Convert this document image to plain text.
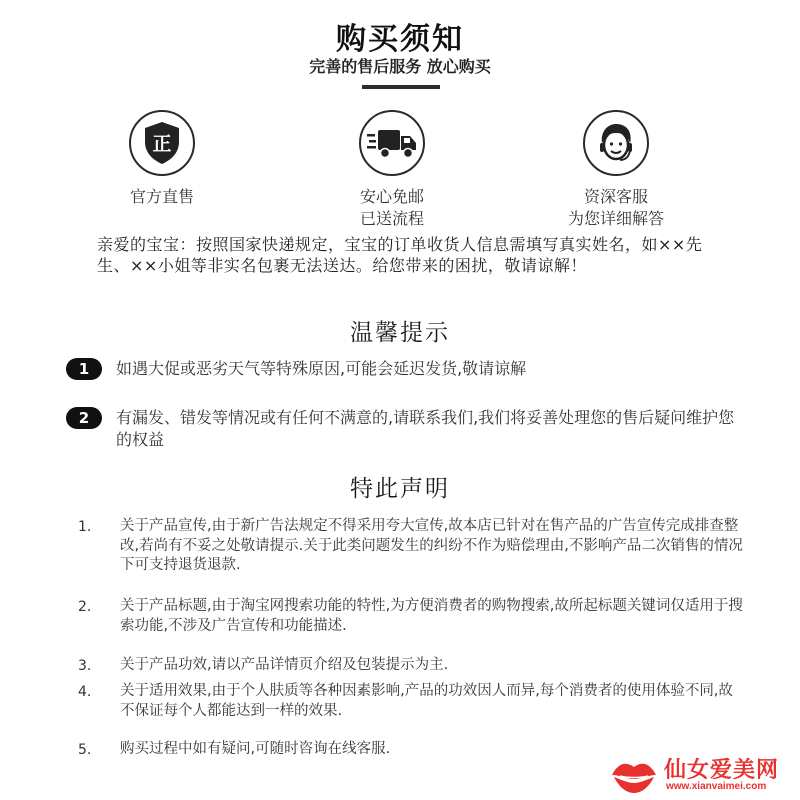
购买须知
完善的售后服务 放心购买
正
官方直售	安心免邮
已送流程
资深客服
为您详细解答
亲爱的宝宝：按照国家快递规定，宝宝的订单收货人信息需填写真实姓名，如××先生、××小姐等非实名包裹无法送达。给您带来的困扰，敬请谅解！
温馨提示
1	如遇大促或恶劣天气等特殊原因,可能会延迟发货,敬请谅解
2	有漏发、错发等情况或有任何不满意的,请联系我们,我们将妥善处理您的售后疑问维护您的权益
特此声明
1.	关于产品宣传,由于新广告法规定不得采用夸大宣传,故本店已针对在售产品的广告宣传完成排查整改,若尚有不妥之处敬请提示.关于此类问题发生的纠纷不作为赔偿理由,不影响产品二次销售的情况下可支持退货退款.
2.	关于产品标题,由于淘宝网搜索功能的特性,为方便消费者的购物搜索,故所起标题关键词仅适用于搜索功能,不涉及广告宣传和功能描述.
3.	关于产品功效,请以产品详情页介绍及包装提示为主.
4.	关于适用效果,由于个人肤质等各种因素影响,产品的功效因人而异,每个消费者的使用体验不同,故不保证每个人都能达到一样的效果.
5.	购买过程中如有疑问,可随时咨询在线客服.
仙女爱美网
www.xianvaimei.com
